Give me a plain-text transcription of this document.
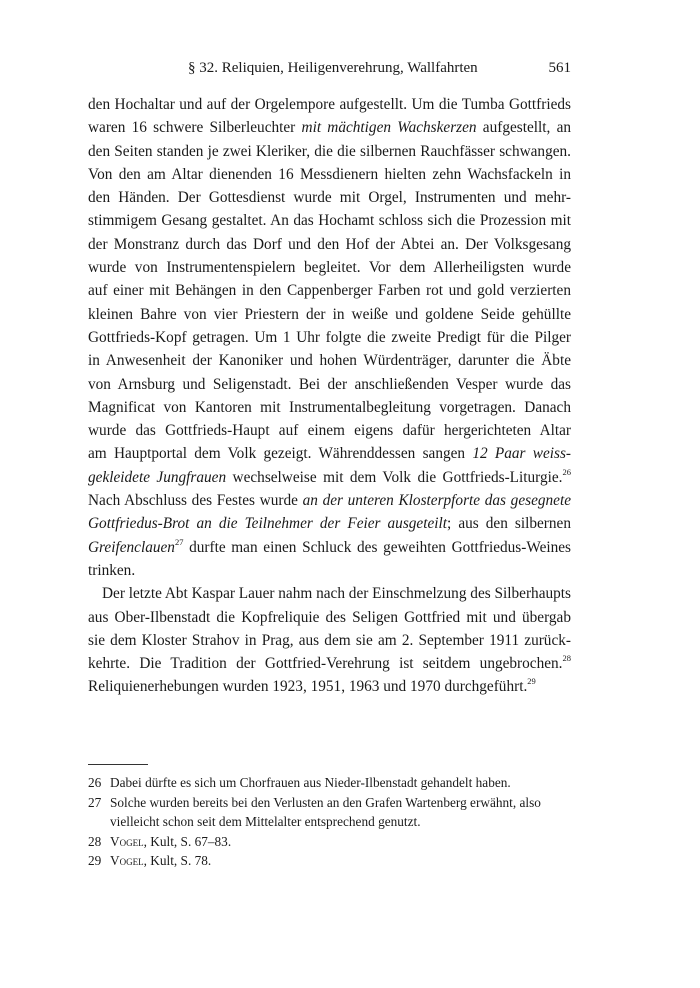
§ 32. Reliquien, Heiligenverehrung, Wallfahrten	561
den Hochaltar und auf der Orgelempore aufgestellt. Um die Tumba Gottfrieds
waren 16 schwere Silberleuchter mit mächtigen Wachskerzen aufgestellt, an
den Seiten standen je zwei Kleriker, die die silbernen Rauchfässer schwangen.
Von den am Altar dienenden 16 Messdienern hielten zehn Wachsfackeln in
den Händen. Der Gottesdienst wurde mit Orgel, Instrumenten und mehr-
stimmigem Gesang gestaltet. An das Hochamt schloss sich die Prozession mit
der Monstranz durch das Dorf und den Hof der Abtei an. Der Volksgesang
wurde von Instrumentenspielern begleitet. Vor dem Allerheiligsten wurde
auf einer mit Behängen in den Cappenberger Farben rot und gold verzierten
kleinen Bahre von vier Priestern der in weiße und goldene Seide gehüllte
Gottfrieds-Kopf getragen. Um 1 Uhr folgte die zweite Predigt für die Pilger
in Anwesenheit der Kanoniker und hohen Würdenträger, darunter die Äbte
von Arnsburg und Seligenstadt. Bei der anschließenden Vesper wurde das
Magnificat von Kantoren mit Instrumentalbegleitung vorgetragen. Danach
wurde das Gottfrieds-Haupt auf einem eigens dafür hergerichteten Altar
am Hauptportal dem Volk gezeigt. Währenddessen sangen 12 Paar weiss-
gekleidete Jungfrauen wechselweise mit dem Volk die Gottfrieds-Liturgie.$^{26}$
Nach Abschluss des Festes wurde an der unteren Klosterpforte das gesegnete
Gottfriedus-Brot an die Teilnehmer der Feier ausgeteilt; aus den silbernen
Greifenclauen$^{27}$ durfte man einen Schluck des geweihten Gottfriedus-Weines
trinken.
Der letzte Abt Kaspar Lauer nahm nach der Einschmelzung des Silberhaupts
aus Ober-Ilbenstadt die Kopfreliquie des Seligen Gottfried mit und übergab
sie dem Kloster Strahov in Prag, aus dem sie am 2. September 1911 zurück-
kehrte. Die Tradition der Gottfried-Verehrung ist seitdem ungebrochen.$^{28}$
Reliquienerhebungen wurden 1923, 1951, 1963 und 1970 durchgeführt.$^{29}$
26 Dabei dürfte es sich um Chorfrauen aus Nieder-Ilbenstadt gehandelt haben.
27 Solche wurden bereits bei den Verlusten an den Grafen Wartenberg erwähnt, also vielleicht schon seit dem Mittelalter entsprechend genutzt.
28 Vogel, Kult, S. 67–83.
29 Vogel, Kult, S. 78.
